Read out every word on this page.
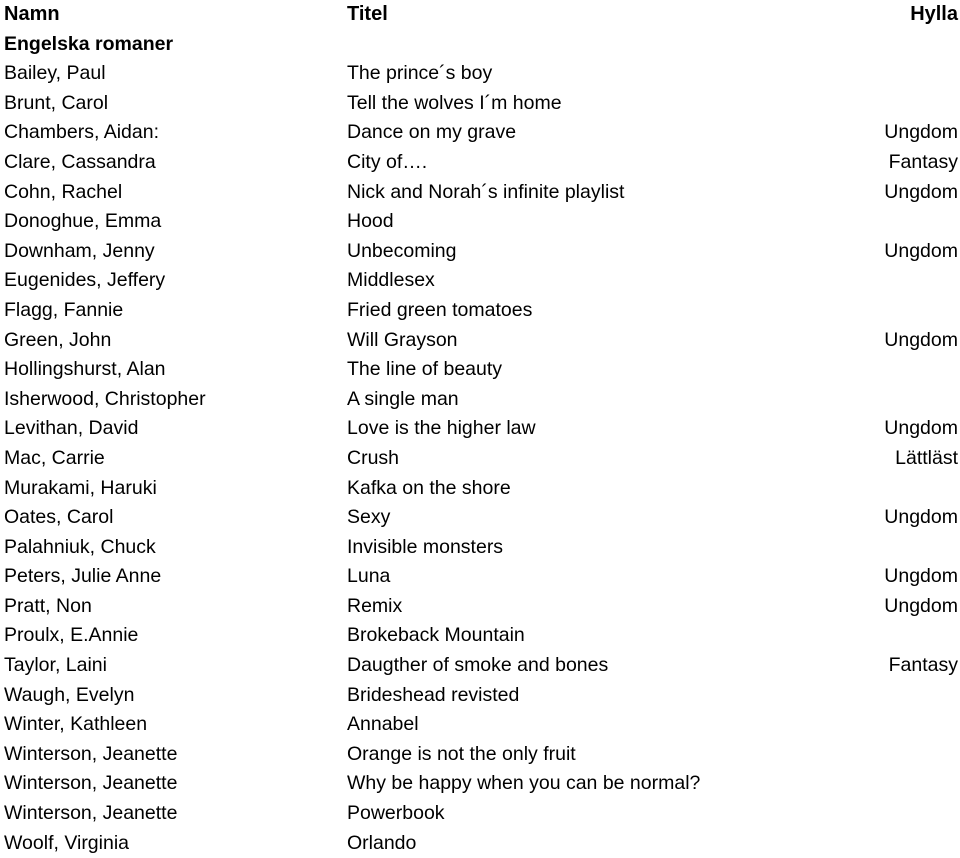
Namn	Titel	Hylla
Engelska romaner
Bailey, Paul	The prince´s boy
Brunt, Carol	Tell the wolves I´m home
Chambers, Aidan:	Dance on my grave	Ungdom
Clare, Cassandra	City of….	Fantasy
Cohn, Rachel	Nick and Norah´s infinite playlist	Ungdom
Donoghue, Emma	Hood
Downham, Jenny	Unbecoming	Ungdom
Eugenides, Jeffery	Middlesex
Flagg, Fannie	Fried green tomatoes
Green, John	Will Grayson	Ungdom
Hollingshurst, Alan	The line of beauty
Isherwood, Christopher	A single man
Levithan, David	Love is the higher law	Ungdom
Mac, Carrie	Crush	Lättläst
Murakami, Haruki	Kafka on the shore
Oates, Carol	Sexy	Ungdom
Palahniuk, Chuck	Invisible monsters
Peters, Julie Anne	Luna	Ungdom
Pratt, Non	Remix	Ungdom
Proulx, E.Annie	Brokeback Mountain
Taylor, Laini	Daugther of smoke and bones	Fantasy
Waugh, Evelyn	Brideshead revisted
Winter, Kathleen	Annabel
Winterson, Jeanette	Orange is not the only fruit
Winterson, Jeanette	Why be happy when you can be normal?
Winterson, Jeanette	Powerbook
Woolf, Virginia	Orlando
